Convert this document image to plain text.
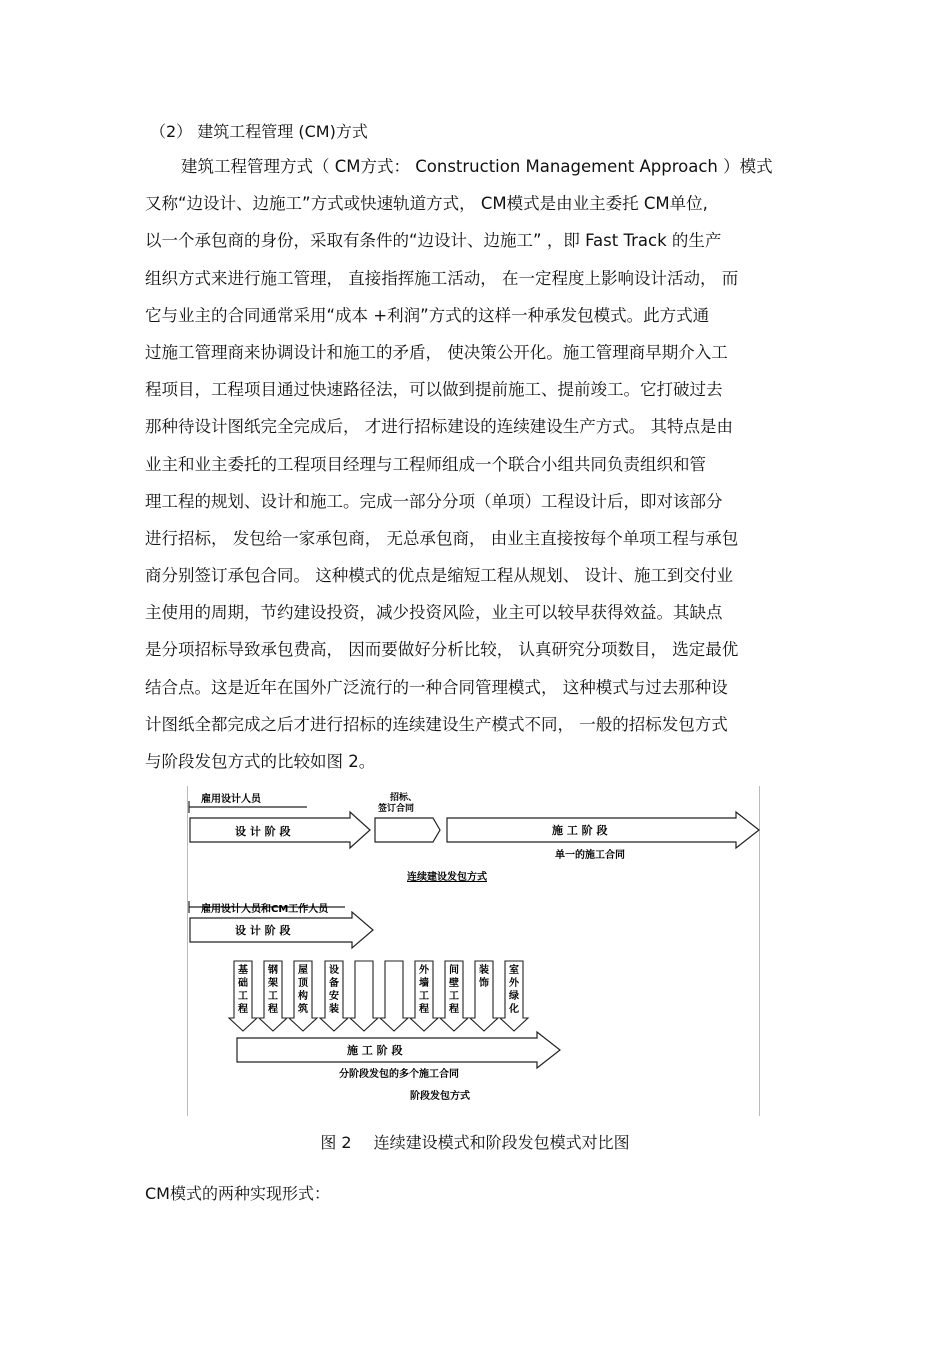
（2） 建筑工程管理 (CM)方式
建筑工程管理方式（ CM方式： Construction Management Approach ）模式
又称“边设计、边施工”方式或快速轨道方式， CM模式是由业主委托 CM单位,
以一个承包商的身份，采取有条件的“边设计、边施工” ，即 Fast Track 的生产
组织方式来进行施工管理， 直接指挥施工活动， 在一定程度上影响设计活动， 而
它与业主的合同通常采用“成本 +利润”方式的这样一种承发包模式。此方式通
过施工管理商来协调设计和施工的矛盾， 使决策公开化。施工管理商早期介入工
程项目，工程项目通过快速路径法，可以做到提前施工、提前竣工。它打破过去
那种待设计图纸完全完成后， 才进行招标建设的连续建设生产方式。 其特点是由
业主和业主委托的工程项目经理与工程师组成一个联合小组共同负责组织和管
理工程的规划、设计和施工。完成一部分分项（单项）工程设计后，即对该部分
进行招标， 发包给一家承包商， 无总承包商， 由业主直接按每个单项工程与承包
商分别签订承包合同。 这种模式的优点是缩短工程从规划、 设计、施工到交付业
主使用的周期，节约建设投资，减少投资风险，业主可以较早获得效益。其缺点
是分项招标导致承包费高， 因而要做好分析比较， 认真研究分项数目， 选定最优
结合点。这是近年在国外广泛流行的一种合同管理模式， 这种模式与过去那种设
计图纸全都完成之后才进行招标的连续建设生产模式不同， 一般的招标发包方式
与阶段发包方式的比较如图 2。
雇用设计人员
设 计 阶 段
招标、
签订合同
施 工 阶 段
单一的施工合同
连续建设发包方式
雇用设计人员和CM工作人员
设 计 阶 段
基
础
工
程
钢
架
工
程
屋
顶
构
筑
设
备
安
装
外
墙
工
程
间
壁
工
程
装
饰
室
外
绿
化
施 工 阶 段
分阶段发包的多个施工合同
阶段发包方式
图 2 连续建设模式和阶段发包模式对比图
CM模式的两种实现形式：
